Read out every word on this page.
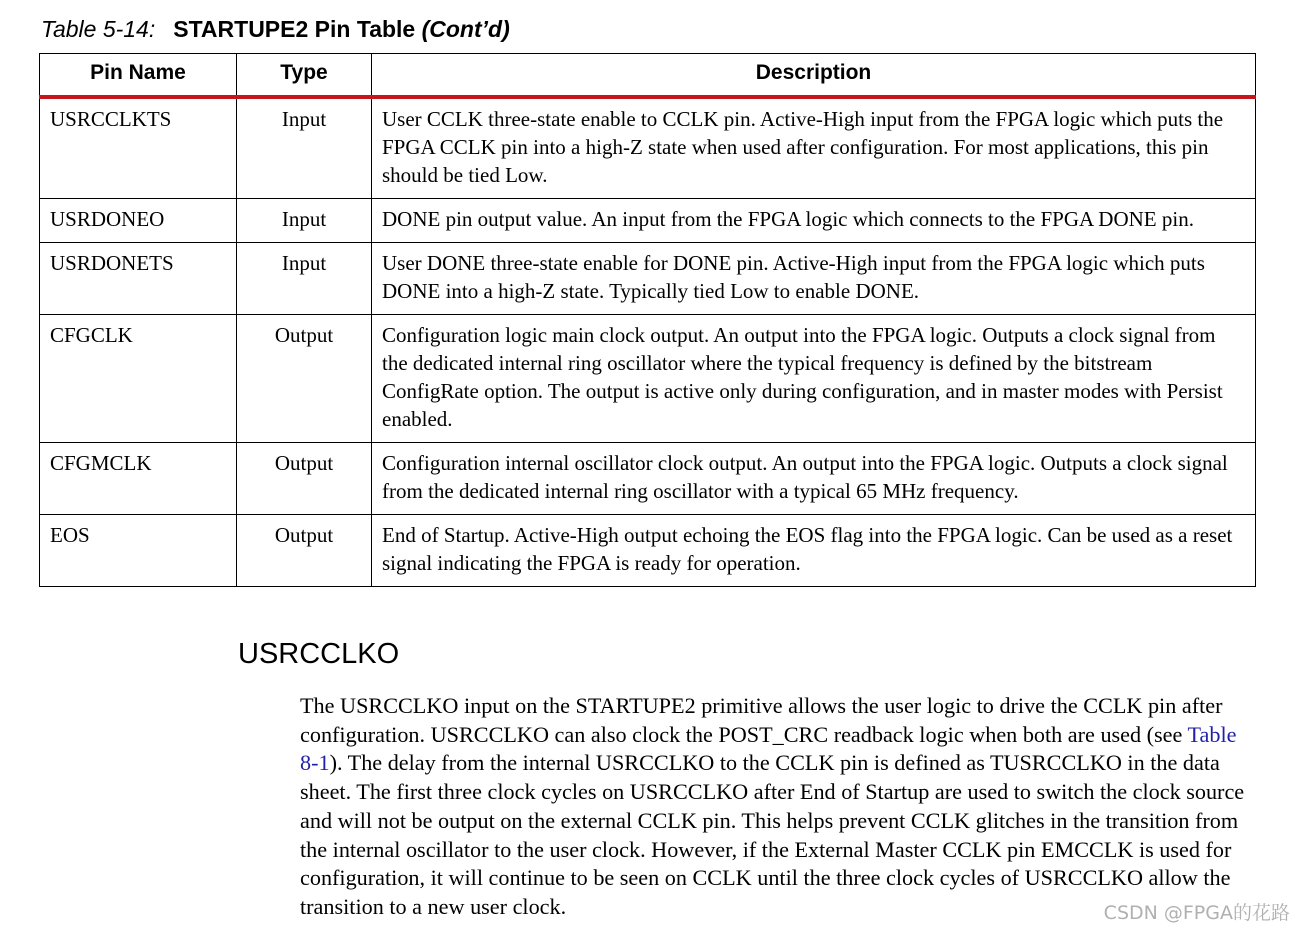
Table 5-14: STARTUPE2 Pin Table (Cont’d)
Pin Name	Type	Description
USRCCLKTS	Input	User CCLK three-state enable to CCLK pin. Active-High input from the FPGA logic which puts the FPGA CCLK pin into a high-Z state when used after configuration. For most applications, this pin should be tied Low.
USRDONEO	Input	DONE pin output value. An input from the FPGA logic which connects to the FPGA DONE pin.
USRDONETS	Input	User DONE three-state enable for DONE pin. Active-High input from the FPGA logic which puts DONE into a high-Z state. Typically tied Low to enable DONE.
CFGCLK	Output	Configuration logic main clock output. An output into the FPGA logic. Outputs a clock signal from the dedicated internal ring oscillator where the typical frequency is defined by the bitstream ConfigRate option. The output is active only during configuration, and in master modes with Persist enabled.
CFGMCLK	Output	Configuration internal oscillator clock output. An output into the FPGA logic. Outputs a clock signal from the dedicated internal ring oscillator with a typical 65 MHz frequency.
EOS	Output	End of Startup. Active-High output echoing the EOS flag into the FPGA logic. Can be used as a reset signal indicating the FPGA is ready for operation.
USRCCLKO
The USRCCLKO input on the STARTUPE2 primitive allows the user logic to drive the CCLK pin after configuration. USRCCLKO can also clock the POST_CRC readback logic when both are used (see Table 8-1). The delay from the internal USRCCLKO to the CCLK pin is defined as TUSRCCLKO in the data sheet. The first three clock cycles on USRCCLKO after End of Startup are used to switch the clock source and will not be output on the external CCLK pin. This helps prevent CCLK glitches in the transition from the internal oscillator to the user clock. However, if the External Master CCLK pin EMCCLK is used for configuration, it will continue to be seen on CCLK until the three clock cycles of USRCCLKO allow the transition to a new user clock.	CSDN @FPGA的花路
